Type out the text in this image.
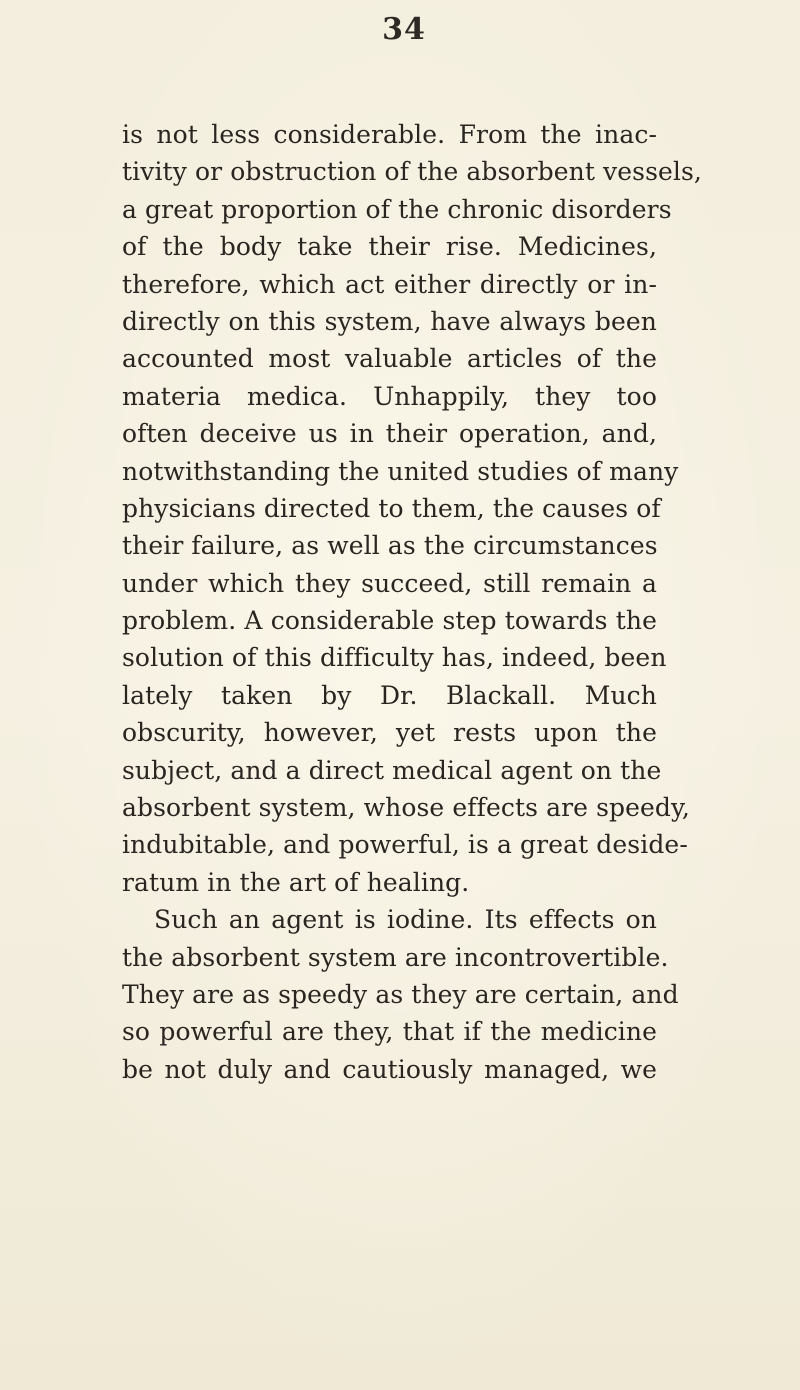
34
is not less considerable. From the inac-
tivity or obstruction of the absorbent vessels,
a great proportion of the chronic disorders
of the body take their rise. Medicines,
therefore, which act either directly or in-
directly on this system, have always been
accounted most valuable articles of the
materia medica. Unhappily, they too
often deceive us in their operation, and,
notwithstanding the united studies of many
physicians directed to them, the causes of
their failure, as well as the circumstances
under which they succeed, still remain a
problem. A considerable step towards the
solution of this difficulty has, indeed, been
lately taken by Dr. Blackall. Much
obscurity, however, yet rests upon the
subject, and a direct medical agent on the
absorbent system, whose effects are speedy,
indubitable, and powerful, is a great deside-
ratum in the art of healing.
Such an agent is iodine. Its effects on
the absorbent system are incontrovertible.
They are as speedy as they are certain, and
so powerful are they, that if the medicine
be not duly and cautiously managed, we
